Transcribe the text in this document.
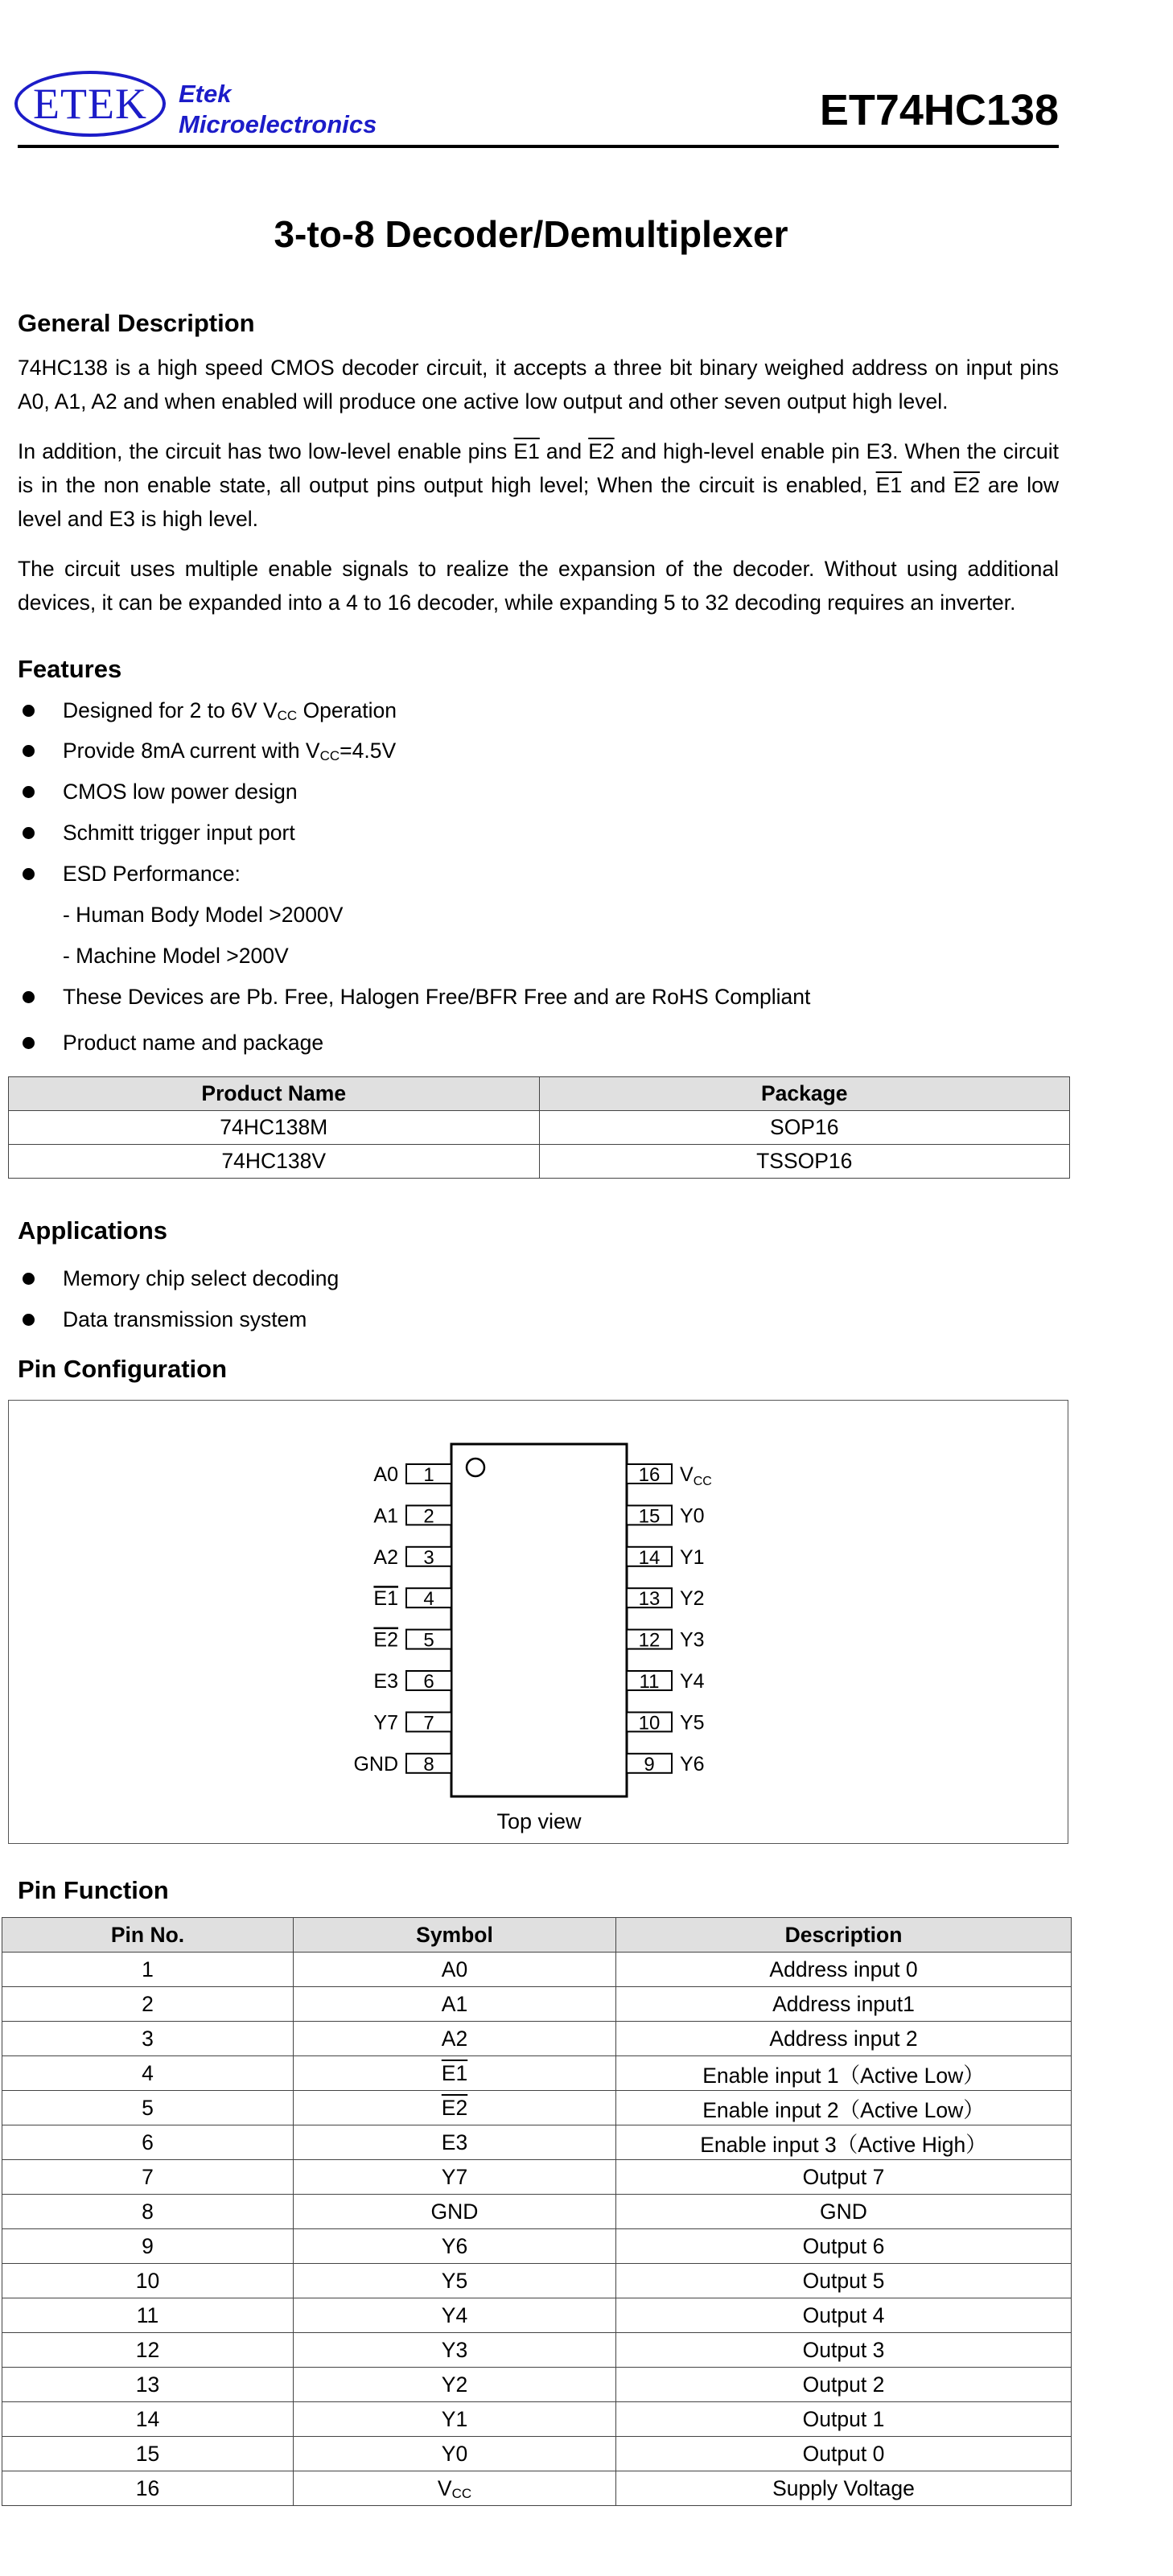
ETEK Etek
Microelectronics	ET74HC138
3-to-8 Decoder/Demultiplexer
General Description

74HC138 is a high speed CMOS decoder circuit, it accepts a three bit binary weighed address on input pins A0, A1, A2 and when enabled will produce one active low output and other seven output high level.

In addition, the circuit has two low-level enable pins E1 and E2 and high-level enable pin E3. When the circuit is in the non enable state, all output pins output high level; When the circuit is enabled, E1 and E2 are low level and E3 is high level.

The circuit uses multiple enable signals to realize the expansion of the decoder. Without using additional devices, it can be expanded into a 4 to 16 decoder, while expanding 5 to 32 decoding requires an inverter.

Features
Designed for 2 to 6V $V_{CC}$ Operation
Provide 8mA current with $V_{CC}=4.5V$
CMOS low power design
Schmitt trigger input port
ESD Performance:
- Human Body Model >2000V
- Machine Model >200V
These Devices are Pb. Free, Halogen Free/BFR Free and are RoHS Compliant
Product name and package
Product Name	Package
74HC138M	SOP16
74HC138V	TSSOP16
Applications
Memory chip select decoding
Data transmission system
Pin Configuration
Top view
1
A0
2
A1
3
A2
4
E1
5
E2
6
E3
7
Y7
8
GND
16 $V_{CC}$
15 Y0
14 Y1
13 Y2
12 Y3
11 Y4
10 Y5
9 Y6
Pin Function
Pin No.	Symbol	Description
1	A0	Address input 0
2	A1	Address input1
3	A2	Address input 2
4	E1	Enable input 1（Active Low）
5	E2	Enable input 2（Active Low）
6	E3	Enable input 3（Active High）
7	Y7	Output 7
8	GND	GND
9	Y6	Output 6
10	Y5	Output 5
11	Y4	Output 4
12	Y3	Output 3
13	Y2	Output 2
14	Y1	Output 1
15	Y0	Output 0
16	$V_{CC}$	Supply Voltage
